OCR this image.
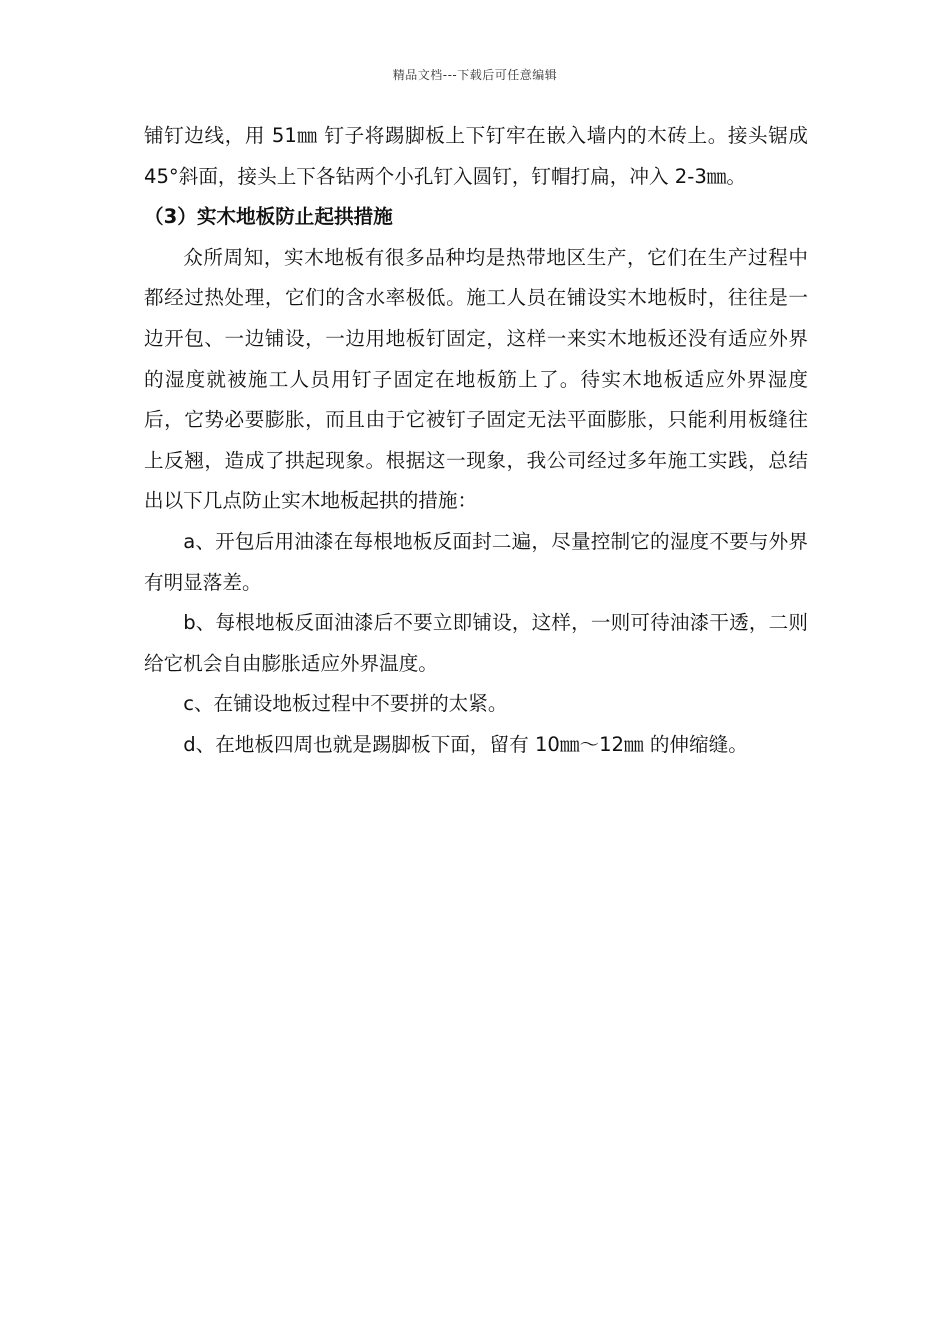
精品文档---下载后可任意编辑

铺钉边线，用 51㎜ 钉子将踢脚板上下钉牢在嵌入墙内的木砖上。接头锯成 45°斜面，接头上下各钻两个小孔钉入圆钉，钉帽打扁，冲入 2-3㎜。

（3）实木地板防止起拱措施

众所周知，实木地板有很多品种均是热带地区生产，它们在生产过程中都经过热处理，它们的含水率极低。施工人员在铺设实木地板时，往往是一边开包、一边铺设，一边用地板钉固定，这样一来实木地板还没有适应外界的湿度就被施工人员用钉子固定在地板筋上了。待实木地板适应外界湿度后，它势必要膨胀，而且由于它被钉子固定无法平面膨胀，只能利用板缝往上反翘，造成了拱起现象。根据这一现象，我公司经过多年施工实践，总结出以下几点防止实木地板起拱的措施：

a、开包后用油漆在每根地板反面封二遍，尽量控制它的湿度不要与外界有明显落差。

b、每根地板反面油漆后不要立即铺设，这样，一则可待油漆干透，二则给它机会自由膨胀适应外界温度。

c、在铺设地板过程中不要拼的太紧。

d、在地板四周也就是踢脚板下面，留有 10㎜～12㎜ 的伸缩缝。
